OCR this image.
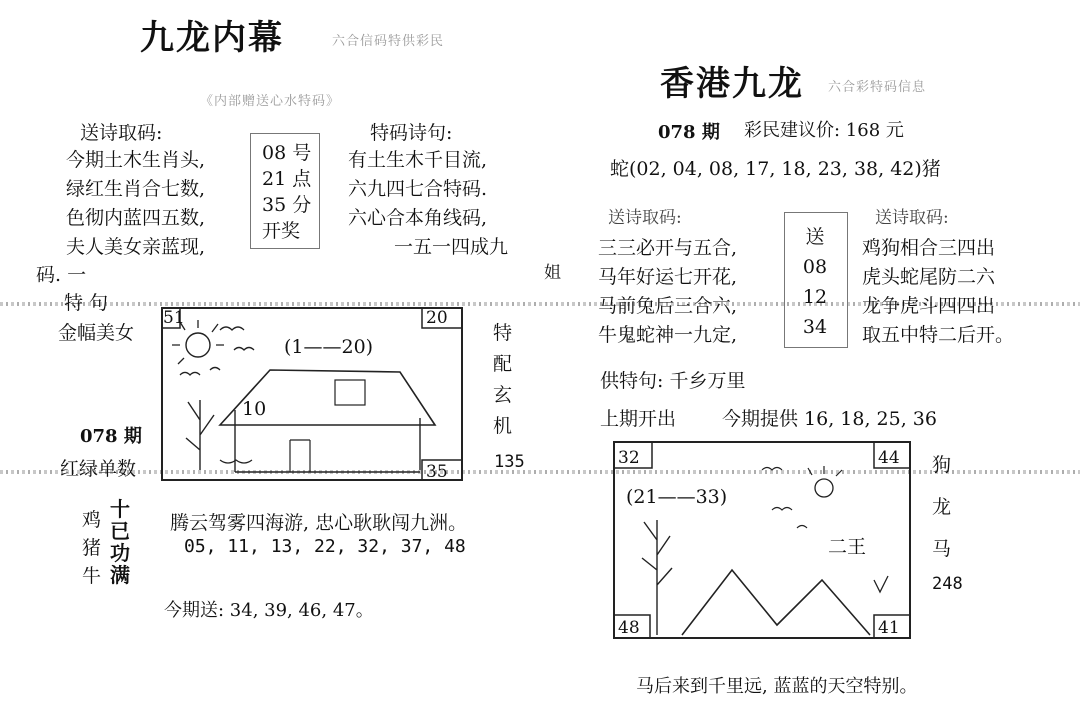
九龙内幕	六合信码特供彩民
《内部赠送心水特码》
送诗取码:
今期土木生肖头,
绿红生肖合七数,
色彻内蓝四五数,
夫人美女亲蓝现,
08 号
21 点
35 分
开奖
特码诗句:
有土生木千目流,
六九四七合特码.
六心合本角线码,
一五一四成九
码. 一	姐
特 句
金幅美女
078 期
红绿单数
51	20
35
(1——20)
10
特
配
玄
机
135
鸡
猪
牛
十
已
功
满
腾云驾雾四海游, 忠心耿耿闯九洲。
05, 11, 13, 22, 32, 37, 48
今期送: 34, 39, 46, 47。
香港九龙 六合彩特码信息
078 期 彩民建议价: 168 元
蛇(02, 04, 08, 17, 18, 23, 38, 42)猪
送诗取码:	送诗取码:
三三必开与五合,
马年好运七开花,
马前兔后三合六,
牛鬼蛇神一九定,
送
08
12
34
鸡狗相合三四出
虎头蛇尾防二六
龙争虎斗四四出
取五中特二后开。
供特句: 千乡万里
上期开出 今期提供 16, 18, 25, 36
32	44
48	41
(21——33)
二王
狗
龙
马
248
马后来到千里远, 蓝蓝的天空特别。
